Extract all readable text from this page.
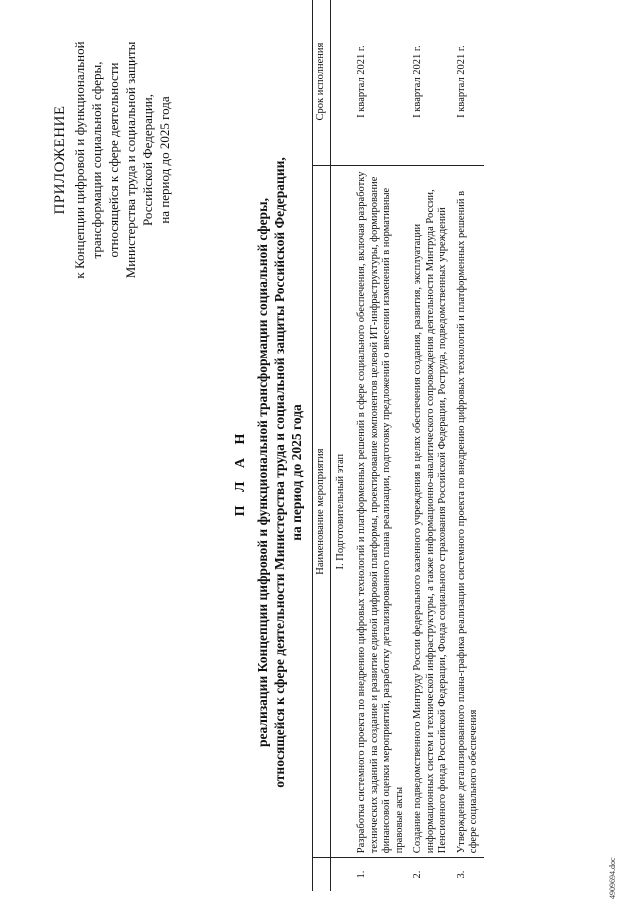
ПРИЛОЖЕНИЕ к Концепции цифровой и функциональной трансформации социальной сферы, относящейся к сфере деятельности Министерства труда и социальной защиты Российской Федерации, на период до 2025 года
П Л А Н реализации Концепции цифровой и функциональной трансформации социальной сферы, относящейся к сфере деятельности Министерства труда и социальной защиты Российской Федерации, на период до 2025 года
	Наименование мероприятия	Срок исполнения
	I. Подготовительный этап	
1.	Разработка системного проекта по внедрению цифровых технологий и платформенных решений в сфере социального обеспечения, включая разработку технических заданий на создание и развитие единой цифровой платформы, проектирование компонентов целевой ИТ-инфраструктуры, формирование финансовой оценки мероприятий, разработку детализированного плана реализации, подготовку предложений о внесении изменений в нормативные правовые акты	I квартал 2021 г.
2.	Создание подведомственного Минтруду России федерального казенного учреждения в целях обеспечения создания, развития, эксплуатации информационных систем и технической инфраструктуры, а также информационно-аналитического сопровождения деятельности Минтруда России, Пенсионного фонда Российской Федерации, Фонда социального страхования Российской Федерации, Роструда, подведомственных учреждений	I квартал 2021 г.
3.	Утверждение детализированного плана-графика реализации системного проекта по внедрению цифровых технологий и платформенных решений в сфере социального обеспечения	I квартал 2021 г.
4909694.doc
